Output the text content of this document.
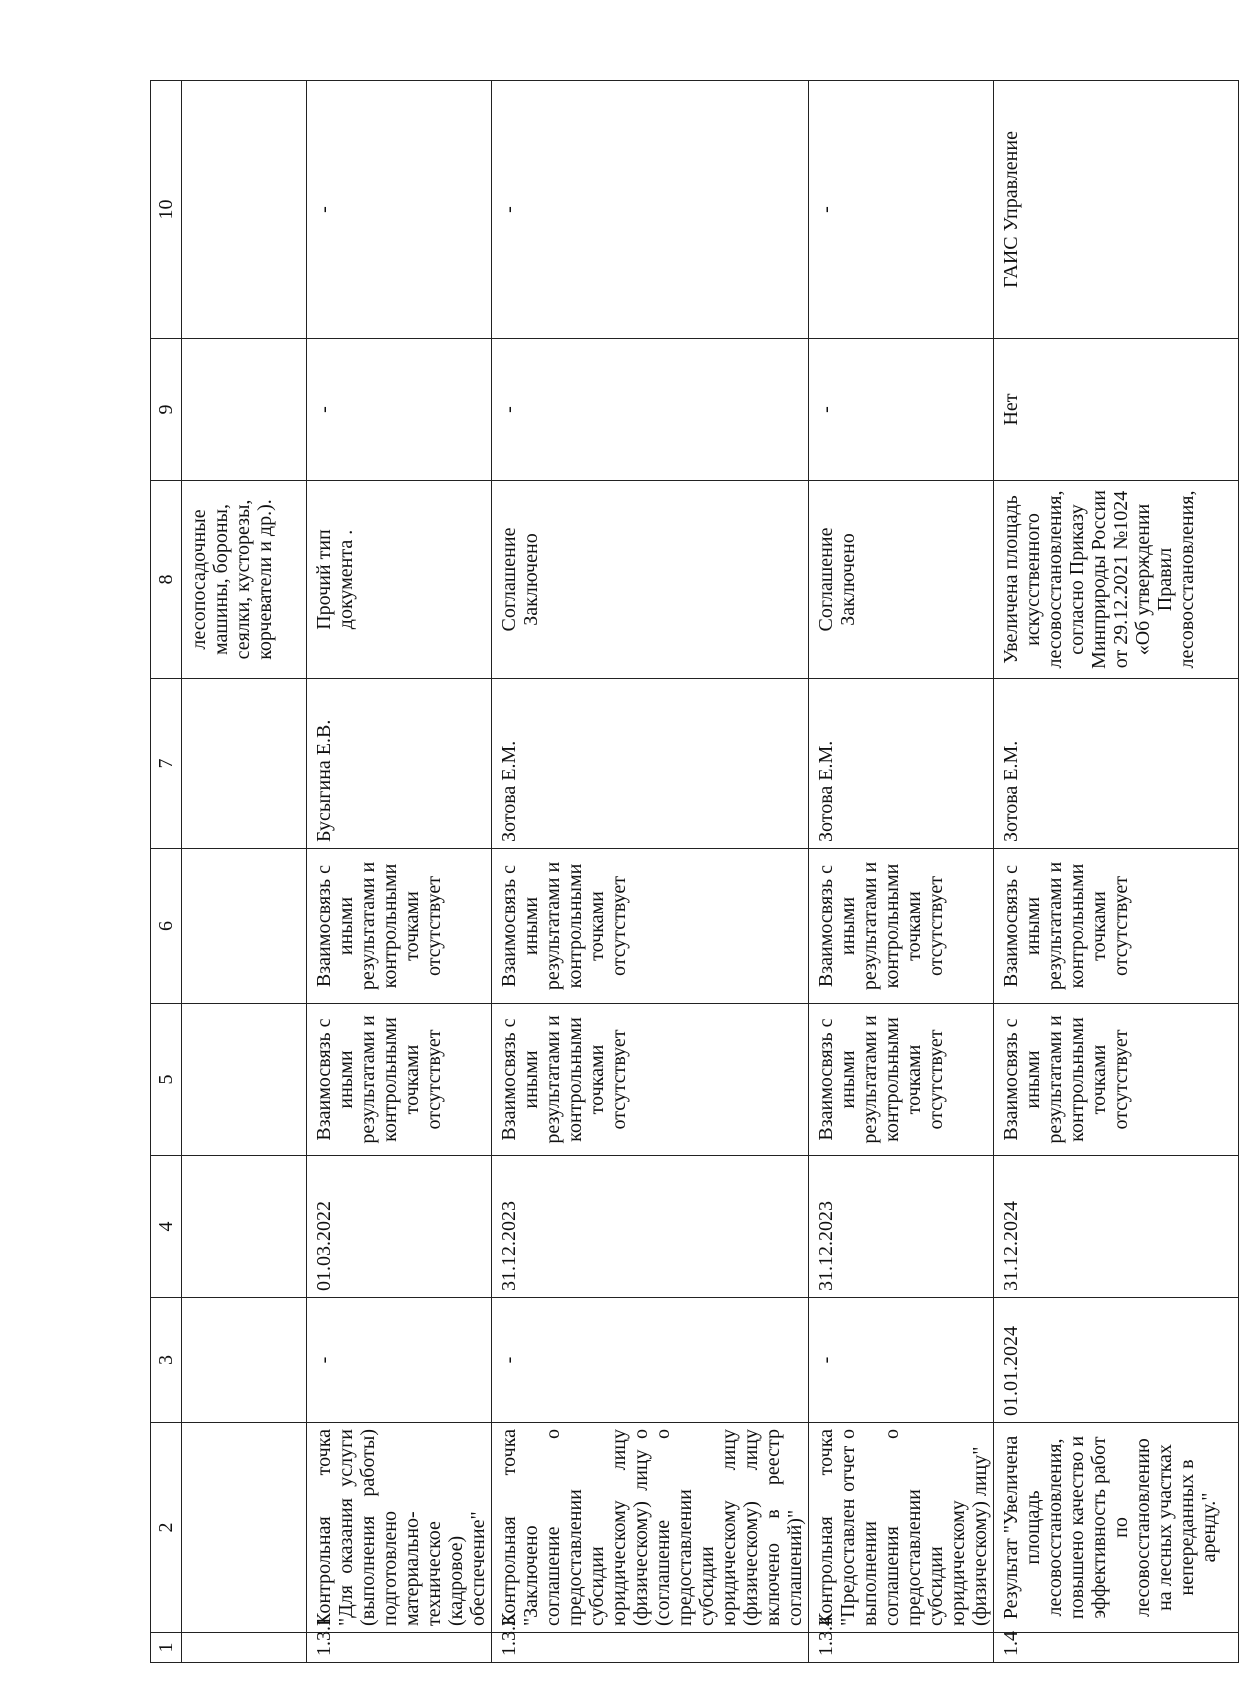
1	2	3	4	5	6	7	8	9	10
							лесопосадочные машины, бороны, сеялки, кусторезы, корчеватели и др.).		
1.3.1	Контрольная точка "Для оказания услуги (выполнения работы) подготовлено материально-техническое (кадровое) обеспечение"	-	01.03.2022	Взаимосвязь с иными результатами и контрольными точками отсутствует	Взаимосвязь с иными результатами и контрольными точками отсутствует	Бусыгина Е.В.	Прочий тип документа .	-	-
1.3.3	Контрольная точка "Заключено соглашение о предоставлении субсидии юридическому лицу (физическому) лицу о (соглашение о предоставлении субсидии юридическому лицу (физическому) лицу включено в реестр соглашений)"	-	31.12.2023	Взаимосвязь с иными результатами и контрольными точками отсутствует	Взаимосвязь с иными результатами и контрольными точками отсутствует	Зотова Е.М.	Соглашение Заключено	-	-
1.3.4	Контрольная точка "Предоставлен отчет о выполнении соглашения о предоставлении субсидии юридическому (физическому) лицу"	-	31.12.2023	Взаимосвязь с иными результатами и контрольными точками отсутствует	Взаимосвязь с иными результатами и контрольными точками отсутствует	Зотова Е.М.	Соглашение Заключено	-	-
1.4	Результат "Увеличена площадь лесовосстановления, повышено качество и эффективность работ по лесовосстановлению на лесных участках непереданных в аренду."	01.01.2024	31.12.2024	Взаимосвязь с иными результатами и контрольными точками отсутствует	Взаимосвязь с иными результатами и контрольными точками отсутствует	Зотова Е.М.	Увеличена площадь искусственного лесовосстановления, согласно Приказу Минприроды России от 29.12.2021 №1024 «Об утверждении Правил лесовосстановления,	Нет	ГАИС Управление
